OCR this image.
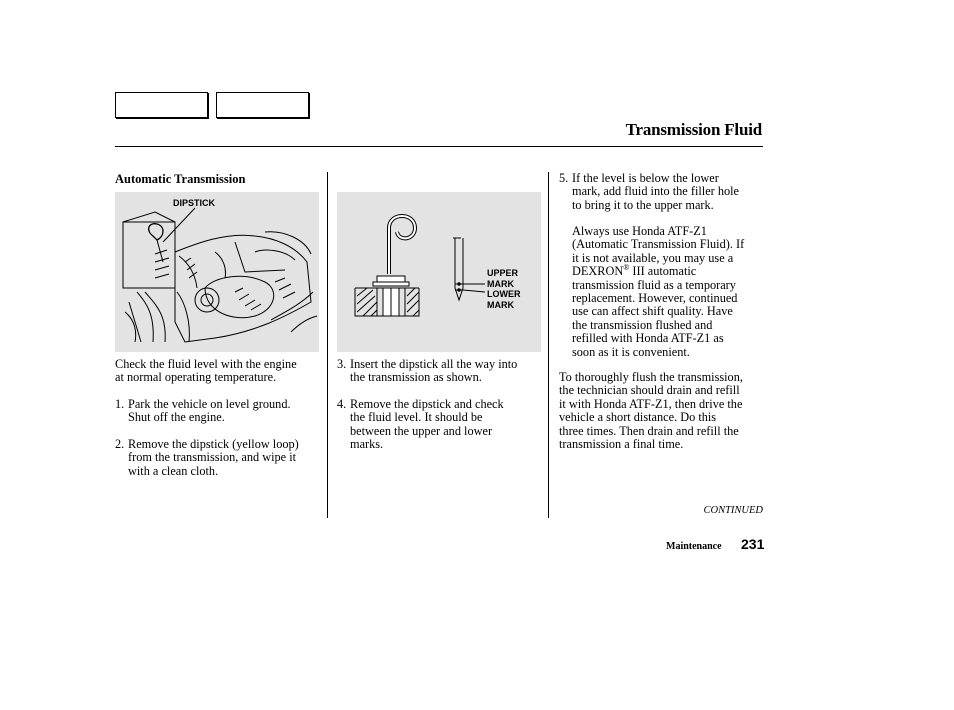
Transmission Fluid
Automatic Transmission
DIPSTICK
Check the fluid level with the engine
at normal operating temperature.
1. Park the vehicle on level ground.
Shut off the engine.
2. Remove the dipstick (yellow loop)
from the transmission, and wipe it
with a clean cloth.
UPPER
MARK
LOWER
MARK
3. Insert the dipstick all the way into
the transmission as shown.
4. Remove the dipstick and check
the fluid level. It should be
between the upper and lower
marks.
5. If the level is below the lower
mark, add fluid into the filler hole
to bring it to the upper mark.
Always use Honda ATF-Z1
(Automatic Transmission Fluid). If
it is not available, you may use a
DEXRON® III automatic
transmission fluid as a temporary
replacement. However, continued
use can affect shift quality. Have
the transmission flushed and
refilled with Honda ATF-Z1 as
soon as it is convenient.
To thoroughly flush the transmission,
the technician should drain and refill
it with Honda ATF-Z1, then drive the
vehicle a short distance. Do this
three times. Then drain and refill the
transmission a final time.
CONTINUED
Maintenance 231
